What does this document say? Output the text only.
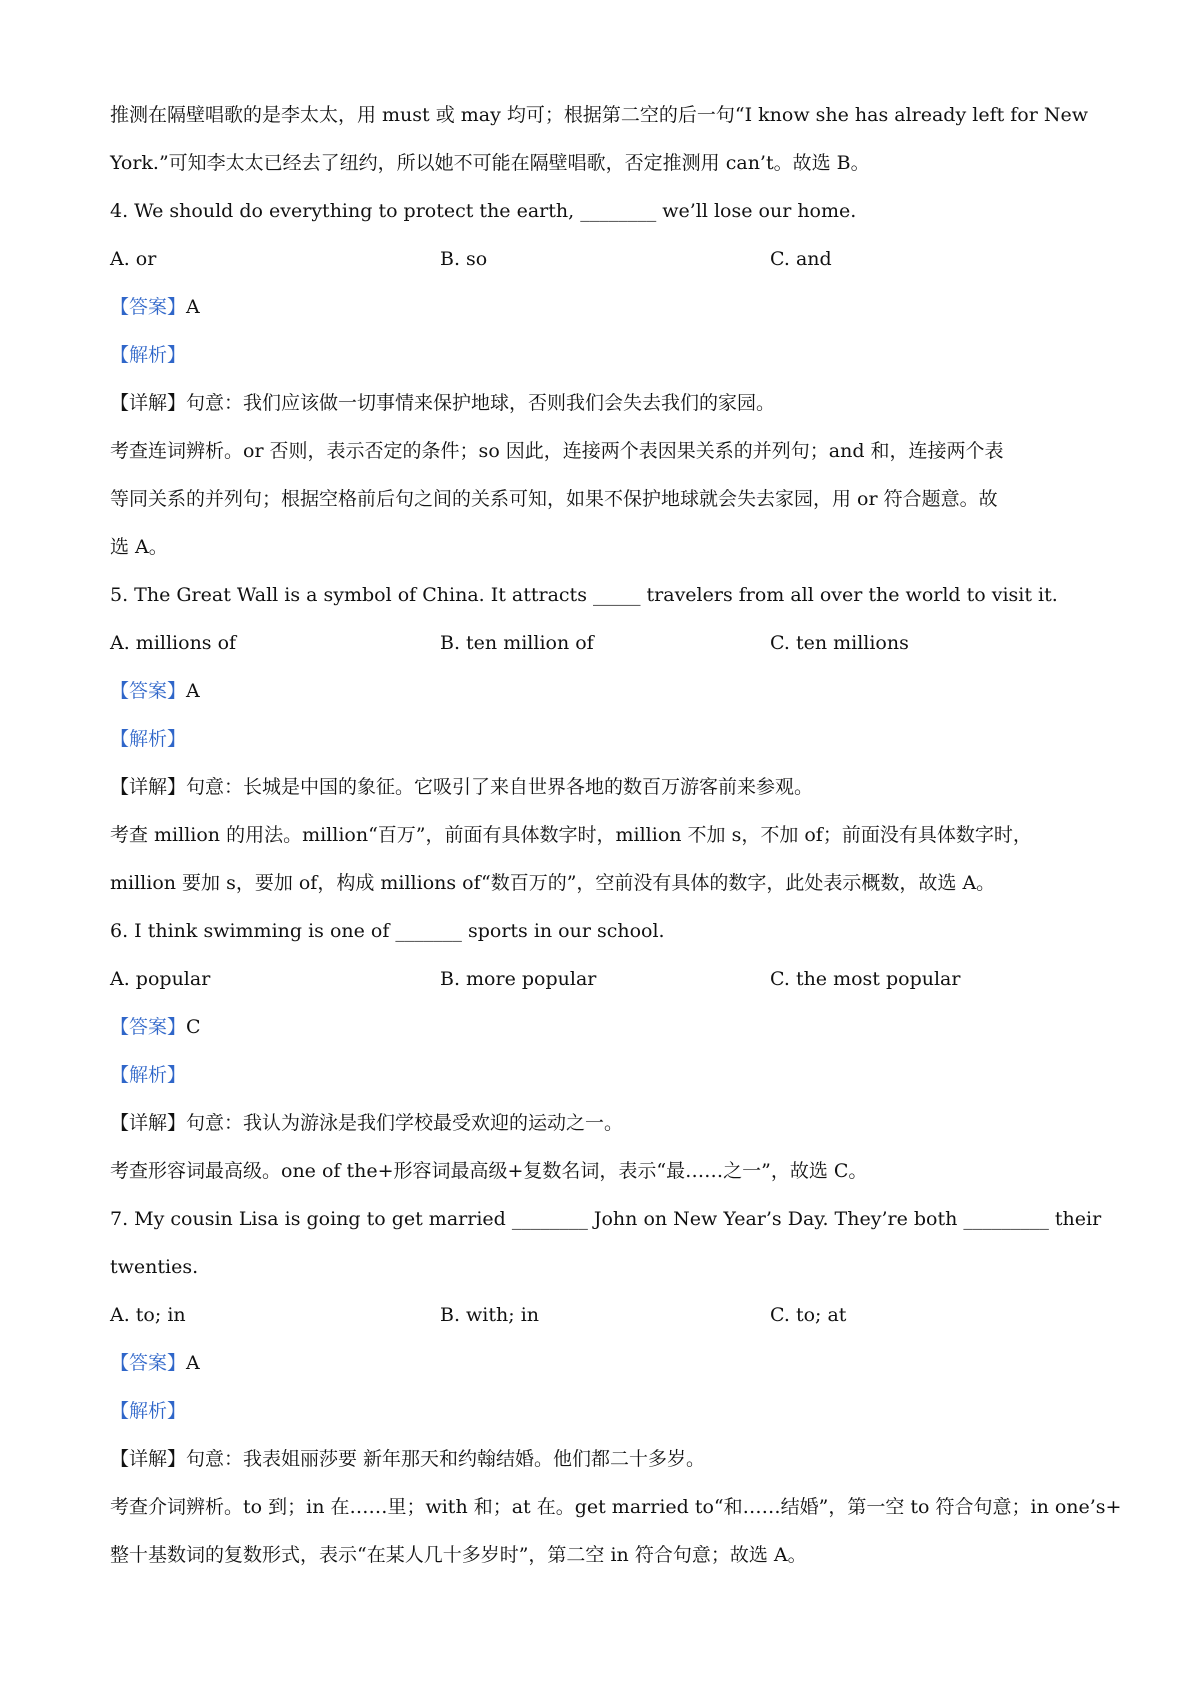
推测在隔壁唱歌的是李太太，用 must 或 may 均可；根据第二空的后一句“I know she has already left for New
York.”可知李太太已经去了纽约，所以她不可能在隔壁唱歌，否定推测用 can’t。故选 B。
4. We should do everything to protect the earth, ________ we’ll lose our home.
A. or	B. so	C. and
【答案】A
【解析】
【详解】句意：我们应该做一切事情来保护地球，否则我们会失去我们的家园。
考查连词辨析。or 否则，表示否定的条件；so 因此，连接两个表因果关系的并列句；and 和，连接两个表
等同关系的并列句；根据空格前后句之间的关系可知，如果不保护地球就会失去家园，用 or 符合题意。故
选 A。
5. The Great Wall is a symbol of China. It attracts _____ travelers from all over the world to visit it.
A. millions of	B. ten million of	C. ten millions
【答案】A
【解析】
【详解】句意：长城是中国的象征。它吸引了来自世界各地的数百万游客前来参观。
考查 million 的用法。million“百万”，前面有具体数字时，million 不加 s，不加 of；前面没有具体数字时，
million 要加 s，要加 of，构成 millions of“数百万的”，空前没有具体的数字，此处表示概数，故选 A。
6. I think swimming is one of _______ sports in our school.
A. popular	B. more popular	C. the most popular
【答案】C
【解析】
【详解】句意：我认为游泳是我们学校最受欢迎的运动之一。
考查形容词最高级。one of the+形容词最高级+复数名词，表示“最……之一”，故选 C。
7. My cousin Lisa is going to get married ________ John on New Year’s Day. They’re both _________ their
twenties.
A. to; in	B. with; in	C. to; at
【答案】A
【解析】
【详解】句意：我表姐丽莎要 新年那天和约翰结婚。他们都二十多岁。
考查介词辨析。to 到；in 在……里；with 和；at 在。get married to“和……结婚”，第一空 to 符合句意；in one’s+
整十基数词的复数形式，表示“在某人几十多岁时”，第二空 in 符合句意；故选 A。
